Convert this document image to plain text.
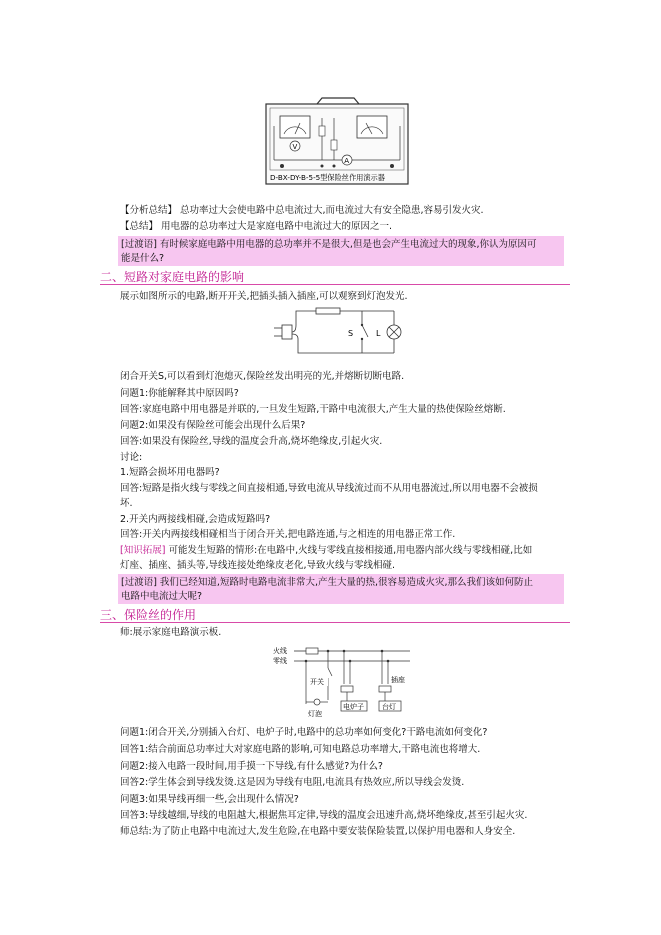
V
A
D-BX-DY-B-5-5型保险丝作用演示器
【分析总结】 总功率过大会使电路中总电流过大,而电流过大有安全隐患,容易引发火灾.
【总结】 用电器的总功率过大是家庭电路中电流过大的原因之一.
[过渡语] 有时候家庭电路中用电器的总功率并不是很大,但是也会产生电流过大的现象,你认为原因可
能是什么?
二、短路对家庭电路的影响
展示如图所示的电路,断开开关,把插头插入插座,可以观察到灯泡发光.
S	L
闭合开关S,可以看到灯泡熄灭,保险丝发出明亮的光,并熔断切断电路.
问题1:你能解释其中原因吗?
回答:家庭电路中用电器是并联的,一旦发生短路,干路中电流很大,产生大量的热使保险丝熔断.
问题2:如果没有保险丝可能会出现什么后果?
回答:如果没有保险丝,导线的温度会升高,烧坏绝缘皮,引起火灾.
讨论:
1.短路会损坏用电器吗?
回答:短路是指火线与零线之间直接相通,导致电流从导线流过而不从用电器流过,所以用电器不会被损
坏.
2.开关内两接线相碰,会造成短路吗?
回答:开关内两接线相碰相当于闭合开关,把电路连通,与之相连的用电器正常工作.
[知识拓展] 可能发生短路的情形:在电路中,火线与零线直接相接通,用电器内部火线与零线相碰,比如
灯座、插座、插头等,导线连接处绝缘皮老化,导致火线与零线相碰.
[过渡语] 我们已经知道,短路时电路电流非常大,产生大量的热,很容易造成火灾,那么我们该如何防止
电路中电流过大呢?
三、保险丝的作用
师:展示家庭电路演示板.
火线
零线
开关
灯泡
插座
电炉子	台灯
问题1:闭合开关,分别插入台灯、电炉子时,电路中的总功率如何变化?干路电流如何变化?
回答1:结合前面总功率过大对家庭电路的影响,可知电路总功率增大,干路电流也将增大.
问题2:接入电路一段时间,用手摸一下导线,有什么感觉?为什么?
回答2:学生体会到导线发烫.这是因为导线有电阻,电流具有热效应,所以导线会发烫.
问题3:如果导线再细一些,会出现什么情况?
回答3:导线越细,导线的电阻越大,根据焦耳定律,导线的温度会迅速升高,烧坏绝缘皮,甚至引起火灾.
师总结:为了防止电路中电流过大,发生危险,在电路中要安装保险装置,以保护用电器和人身安全.
